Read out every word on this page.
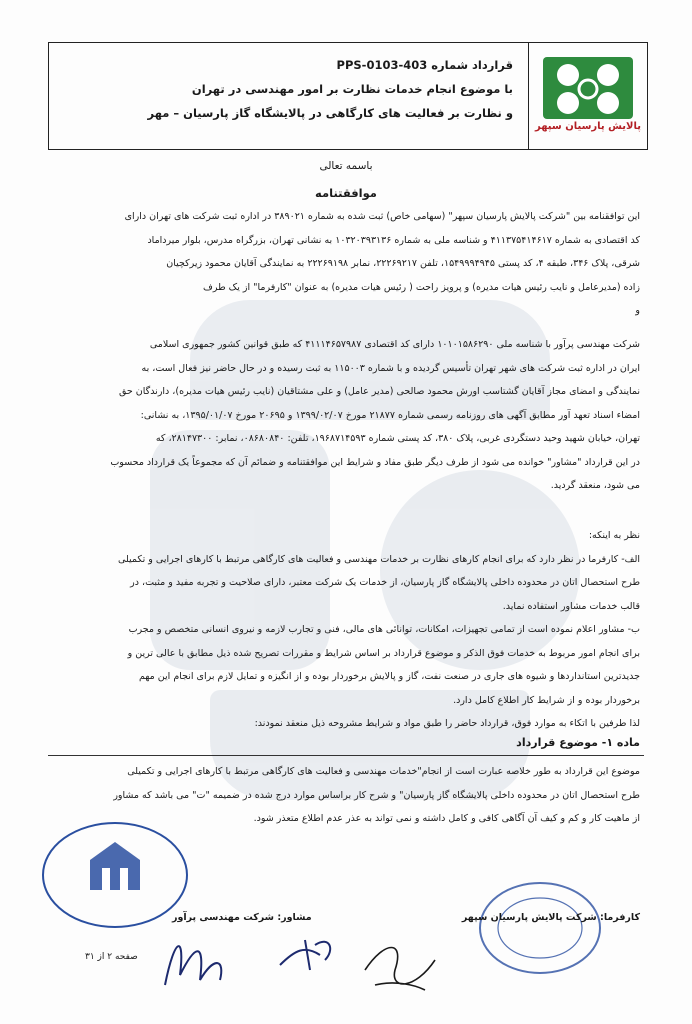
پالایش پارسیان سپهر
قرارداد شماره PPS-0103-403
با موضوع انجام خدمات نظارت بر امور مهندسی در تهران
و نظارت بر فعالیت های کارگاهی در پالایشگاه گاز پارسیان – مهر
باسمه تعالی
موافقتنامه
این توافقنامه بین "شرکت پالایش پارسیان سپهر" (سهامی خاص) ثبت شده به شماره ۳۸۹۰۲۱ در اداره ثبت شرکت های تهران دارای
کد اقتصادی به شماره ۴۱۱۳۷۵۴۱۴۶۱۷ و شناسه ملی به شماره ۱۰۳۲۰۳۹۳۱۳۶ به نشانی تهران، بزرگراه مدرس، بلوار میرداماد
شرقی، پلاک ۳۴۶، طبقه ۴، کد پستی ۱۵۴۹۹۹۴۹۴۵، تلفن ۲۲۲۶۹۲۱۷، نمابر ۲۲۲۶۹۱۹۸ به نمایندگی آقایان محمود زیرکچیان
زاده (مدیرعامل و نایب رئیس هیات مدیره) و پرویز راحت ( رئیس هیات مدیره) به عنوان "کارفرما" از یک طرف
و
شرکت مهندسی پرآور با شناسه ملی ۱۰۱۰۱۵۸۶۲۹۰ دارای کد اقتصادی ۴۱۱۱۴۶۵۷۹۸۷ که طبق قوانین کشور جمهوری اسلامی
ایران در اداره ثبت شرکت های شهر تهران تأسیس گردیده و با شماره ۱۱۵۰۰۳ به ثبت رسیده و در حال حاضر نیز فعال است، به
نمایندگی و امضای مجاز آقایان گشتاسب اورش محمود صالحی (مدیر عامل) و علی مشتاقیان (نایب رئیس هیات مدیره)، دارندگان حق
امضاء اسناد تعهد آور مطابق آگهی های روزنامه رسمی شماره ۲۱۸۷۷ مورخ ۱۳۹۹/۰۲/۰۷ و ۲۰۶۹۵ مورخ ۱۳۹۵/۰۱/۰۷، به نشانی:
تهران، خیابان شهید وحید دستگردی غربی، پلاک ۳۸۰، کد پستی شماره ۱۹۶۸۷۱۴۵۹۳، تلفن: ۰۸۶۸۰۸۴۰، نمابر: ۲۸۱۴۷۳۰۰، که
در این قرارداد "مشاور" خوانده می شود از طرف دیگر طبق مفاد و شرایط این موافقتنامه و ضمائم آن که مجموعاً یک قرارداد محسوب
می شود، منعقد گردید.
نظر به اینکه:
الف- کارفرما در نظر دارد که برای انجام کارهای نظارت بر خدمات مهندسی و فعالیت های کارگاهی مرتبط با کارهای اجرایی و تکمیلی
طرح استحصال اتان در محدوده داخلی پالایشگاه گاز پارسیان، از خدمات یک شرکت معتبر، دارای صلاحیت و تجربه مفید و مثبت، در
قالب خدمات مشاور استفاده نماید.
ب- مشاور اعلام نموده است از تمامی تجهیزات، امکانات، توانائی های مالی، فنی و تجارب لازمه و نیروی انسانی متخصص و مجرب
برای انجام امور مربوط به خدمات فوق الذکر و موضوع قرارداد بر اساس شرایط و مقررات تصریح شده ذیل مطابق با عالی ترین و
جدیدترین استانداردها و شیوه های جاری در صنعت نفت، گاز و پالایش برخوردار بوده و از انگیزه و تمایل لازم برای انجام این مهم
برخوردار بوده و از شرایط کار اطلاع کامل دارد.
لذا طرفین با اتکاء به موارد فوق، قرارداد حاضر را طبق مواد و شرایط مشروحه ذیل منعقد نمودند:
ماده ۱- موضوع قرارداد
موضوع این قرارداد به طور خلاصه عبارت است از انجام"خدمات مهندسی و فعالیت های کارگاهی مرتبط با کارهای اجرایی و تکمیلی
طرح استحصال اتان در محدوده داخلی پالایشگاه گاز پارسیان" و شرح کار براساس موارد درج شده در ضمیمه "ت" می باشد که مشاور
از ماهیت کار و کم و کیف آن آگاهی کافی و کامل داشته و نمی تواند به عذر عدم اطلاع متعذر شود.
کارفرما: شرکت پالایش پارسیان سپهر
مشاور: شرکت مهندسی پرآور
صفحه ۲ از ۳۱
